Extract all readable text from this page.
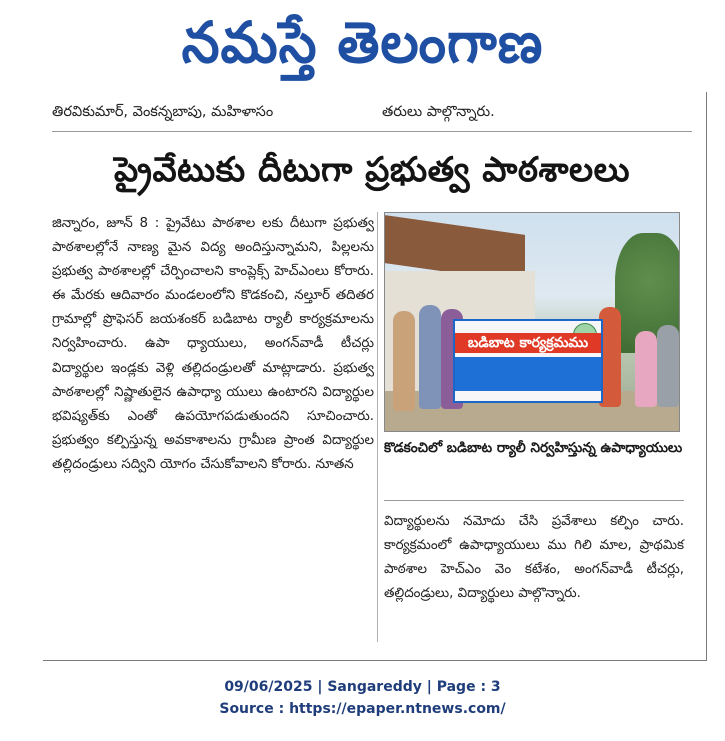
నమస్తే తెలంగాణ
తిరవికుమార్, వెంకన్నబాపు, మహిళాసం	తరులు పాల్గొన్నారు.
ప్రైవేటుకు దీటుగా ప్రభుత్వ పాఠశాలలు

జిన్నారం, జూన్ 8 : ప్రైవేటు పాఠశాల లకు దీటుగా ప్రభుత్వ పాఠశాలల్లోనే నాణ్య మైన విద్య అందిస్తున్నామని, పిల్లలను ప్రభుత్వ పాఠశాలల్లో చేర్పించాలని కాంప్లెక్స్ హెచ్ఎంలు కోరారు. ఈ మేరకు ఆదివారం మండలంలోని కొడకంచి, నల్తూర్ తదితర గ్రామాల్లో ప్రొఫెసర్ జయశంకర్ బడిబాట ర్యాలీ కార్యక్రమాలను నిర్వహించారు. ఉపా ధ్యాయులు, అంగన్‌వాడీ టీచర్లు విద్యార్థుల ఇండ్లకు వెళ్లి తల్లిదండ్రులతో మాట్లాడారు. ప్రభుత్వ పాఠశాలల్లో నిష్ణాతులైన ఉపాధ్యా యులు ఉంటారని విద్యార్థుల భవిష్యత్‌కు ఎంతో ఉపయోగపడుతుందని సూచించారు. ప్రభుత్వం కల్పిస్తున్న అవకాశాలను గ్రామీణ ప్రాంత విద్యార్థుల తల్లిదండ్రులు సద్విని యోగం చేసుకోవాలని కోరారు. నూతన

బడిబాట కార్యక్రమము
కొడకంచిలో బడిబాట ర్యాలీ నిర్వహిస్తున్న ఉపాధ్యాయులు

విద్యార్థులను నమోదు చేసి ప్రవేశాలు కల్పిం చారు. కార్యక్రమంలో ఉపాధ్యాయులు ము గిలి మాల, ప్రాథమిక పాఠశాల హెచ్ఎం వెం కటేశం, అంగన్‌వాడీ టీచర్లు, తల్లిదండ్రులు, విద్యార్థులు పాల్గొన్నారు.

09/06/2025 | Sangareddy | Page : 3
Source : https://epaper.ntnews.com/
